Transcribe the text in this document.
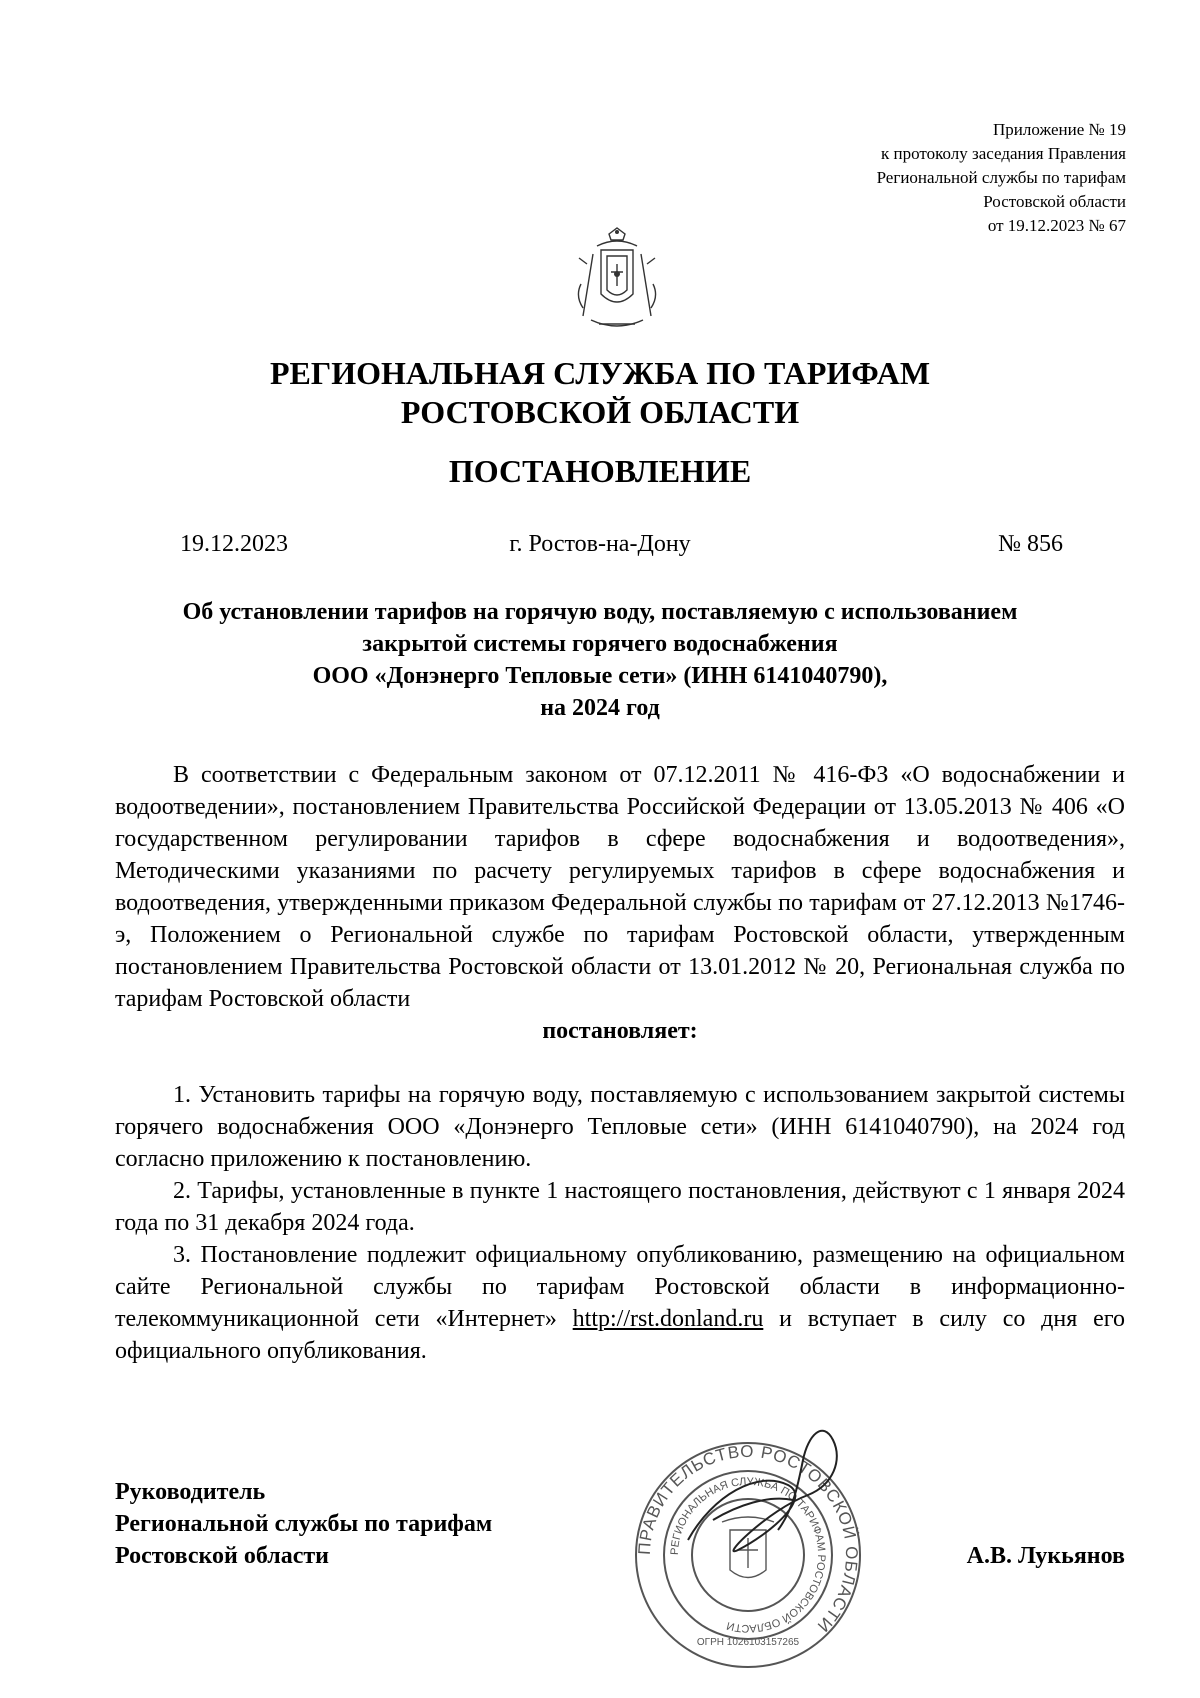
Приложение № 19
к протоколу заседания Правления
Региональной службы по тарифам
Ростовской области
от 19.12.2023 № 67
РЕГИОНАЛЬНАЯ СЛУЖБА ПО ТАРИФАМ
РОСТОВСКОЙ ОБЛАСТИ
ПОСТАНОВЛЕНИЕ
19.12.2023	г. Ростов-на-Дону	№ 856
Об установлении тарифов на горячую воду, поставляемую с использованием
закрытой системы горячего водоснабжения
ООО «Донэнерго Тепловые сети» (ИНН 6141040790),
на 2024 год

В соответствии с Федеральным законом от 07.12.2011 № 416-ФЗ «О водоснабжении и водоотведении», постановлением Правительства Российской Федерации от 13.05.2013 № 406 «О государственном регулировании тарифов в сфере водоснабжения и водоотведения», Методическими указаниями по расчету регулируемых тарифов в сфере водоснабжения и водоотведения, утвержденными приказом Федеральной службы по тарифам от 27.12.2013 №1746-э, Положением о Региональной службе по тарифам Ростовской области, утвержденным постановлением Правительства Ростовской области от 13.01.2012 № 20, Региональная служба по тарифам Ростовской области

постановляет:

1. Установить тарифы на горячую воду, поставляемую с использованием закрытой системы горячего водоснабжения ООО «Донэнерго Тепловые сети» (ИНН 6141040790), на 2024 год согласно приложению к постановлению.

2. Тарифы, установленные в пункте 1 настоящего постановления, действуют с 1 января 2024 года по 31 декабря 2024 года.

3. Постановление подлежит официальному опубликованию, размещению на официальном сайте Региональной службы по тарифам Ростовской области в информационно-телекоммуникационной сети «Интернет» http://rst.donland.ru и вступает в силу со дня его официального опубликования.

Руководитель
Региональной службы по тарифам
Ростовской области	ПРАВИТЕЛЬСТВО РОСТОВСКОЙ ОБЛАСТИ
РЕГИОНАЛЬНАЯ СЛУЖБА ПО ТАРИФАМ РОСТОВСКОЙ ОБЛАСТИ
ОГРН 1026103157265
А.В. Лукьянов
